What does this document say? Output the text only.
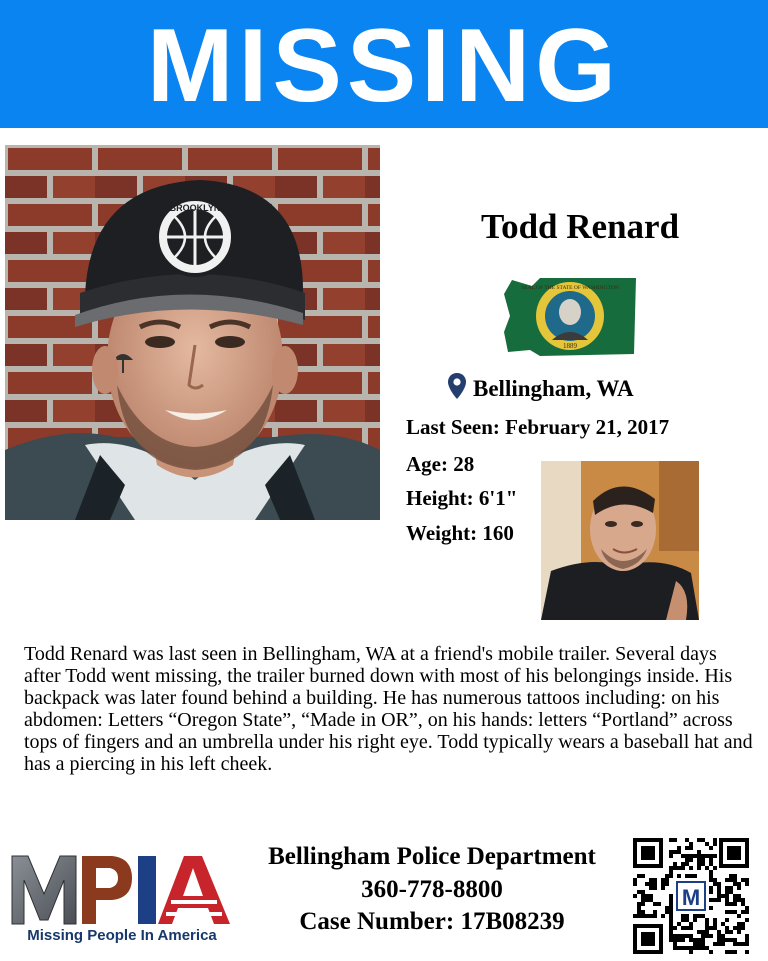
MISSING
BROOKLYN	Todd Renard
SEAL OF THE STATE OF WASHINGTON
1889
Bellingham, WA
Last Seen: February 21, 2017
Age: 28
Height: 6'1"
Weight: 160
Todd Renard was last seen in Bellingham, WA at a friend's mobile trailer. Several days after Todd went missing, the trailer burned down with most of his belongings inside. His backpack was later found behind a building. He has numerous tattoos including: on his abdomen: Letters “Oregon State”, “Made in OR”, on his hands: letters “Portland” across tops of fingers and an umbrella under his right eye. Todd typically wears a baseball hat and has a piercing in his left cheek.
Missing People In America
Bellingham Police Department
360-778-8800
Case Number: 17B08239
M
